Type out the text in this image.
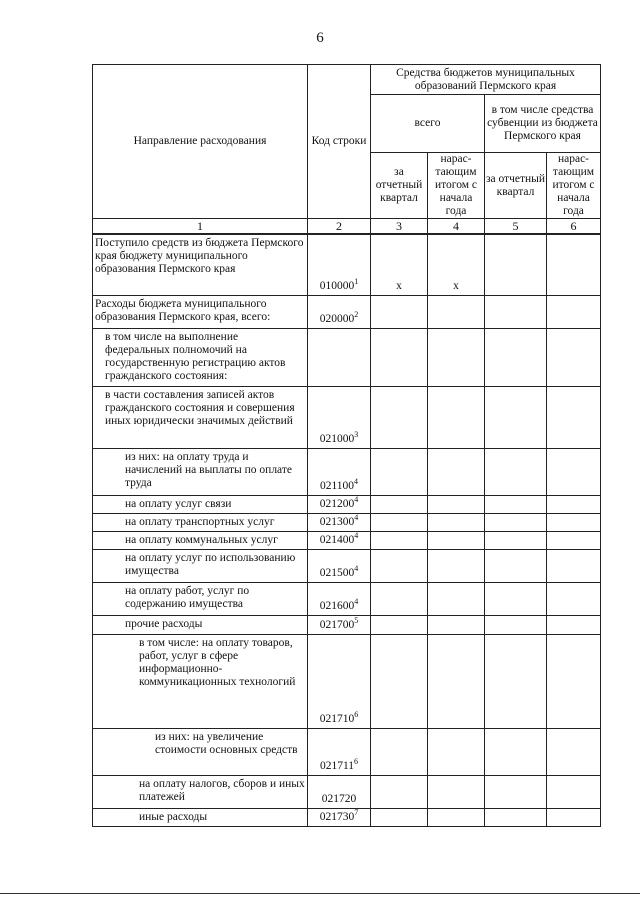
6
Направление расходования	Код строки	Средства бюджетов муниципальных образований Пермского края			
		всего		в том числе средства субвенции из бюджета Пермского края	
		за отчетный квартал	нарас-тающим итогом с начала года	за отчетный квартал	нарас-тающим итогом с начала года
1	2	3	4	5	6
Поступило средств из бюджета Пермского края бюджету муниципального образования Пермского края	010000$^1$	x	x		
Расходы бюджета муниципального образования Пермского края, всего:	020000$^2$				
в том числе на выполнение федеральных полномочий на государственную регистрацию актов гражданского состояния:					
в части составления записей актов гражданского состояния и совершения иных юридически значимых действий	021000$^3$				
из них: на оплату труда и начислений на выплаты по оплате труда	021100$^4$				
на оплату услуг связи	021200$^4$				
на оплату транспортных услуг	021300$^4$				
на оплату коммунальных услуг	021400$^4$				
на оплату услуг по использованию имущества	021500$^4$				
на оплату работ, услуг по содержанию имущества	021600$^4$				
прочие расходы	021700$^5$				
в том числе: на оплату товаров, работ, услуг в сфере информационно-коммуникационных технологий	021710$^6$				
из них: на увеличение стоимости основных средств	021711$^6$				
на оплату налогов, сборов и иных платежей	021720				
иные расходы	021730$^7$				
